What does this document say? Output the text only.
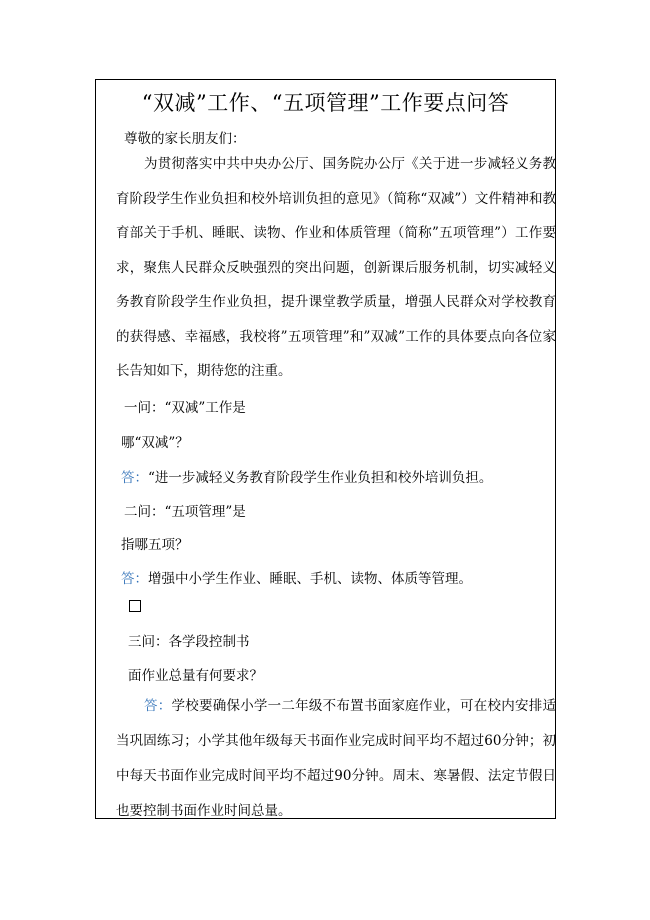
“双减”工作、“五项管理”工作要点问答
尊敬的家长朋友们：
为贯彻落实中共中央办公厅、国务院办公厅《关于进一步减轻义务教育阶段学生作业负担和校外培训负担的意见》（简称“双减”）文件精神和教育部关于手机、睡眠、读物、作业和体质管理（简称”五项管理”）工作要求，聚焦人民群众反映强烈的突出问题，创新课后服务机制，切实减轻义务教育阶段学生作业负担，提升课堂教学质量，增强人民群众对学校教育的获得感、幸福感，我校将”五项管理”和”双减”工作的具体要点向各位家长告知如下，期待您的注重。
一问：“双减”工作是
哪“双减”？
答：“进一步减轻义务教育阶段学生作业负担和校外培训负担。
二问：“五项管理”是
指哪五项？
答：增强中小学生作业、睡眠、手机、读物、体质等管理。
三问：各学段控制书
面作业总量有何要求？
答：学校要确保小学一二年级不布置书面家庭作业，可在校内安排适当巩固练习；小学其他年级每天书面作业完成时间平均不超过60分钟；初中每天书面作业完成时间平均不超过90分钟。周末、寒暑假、法定节假日也要控制书面作业时间总量。
